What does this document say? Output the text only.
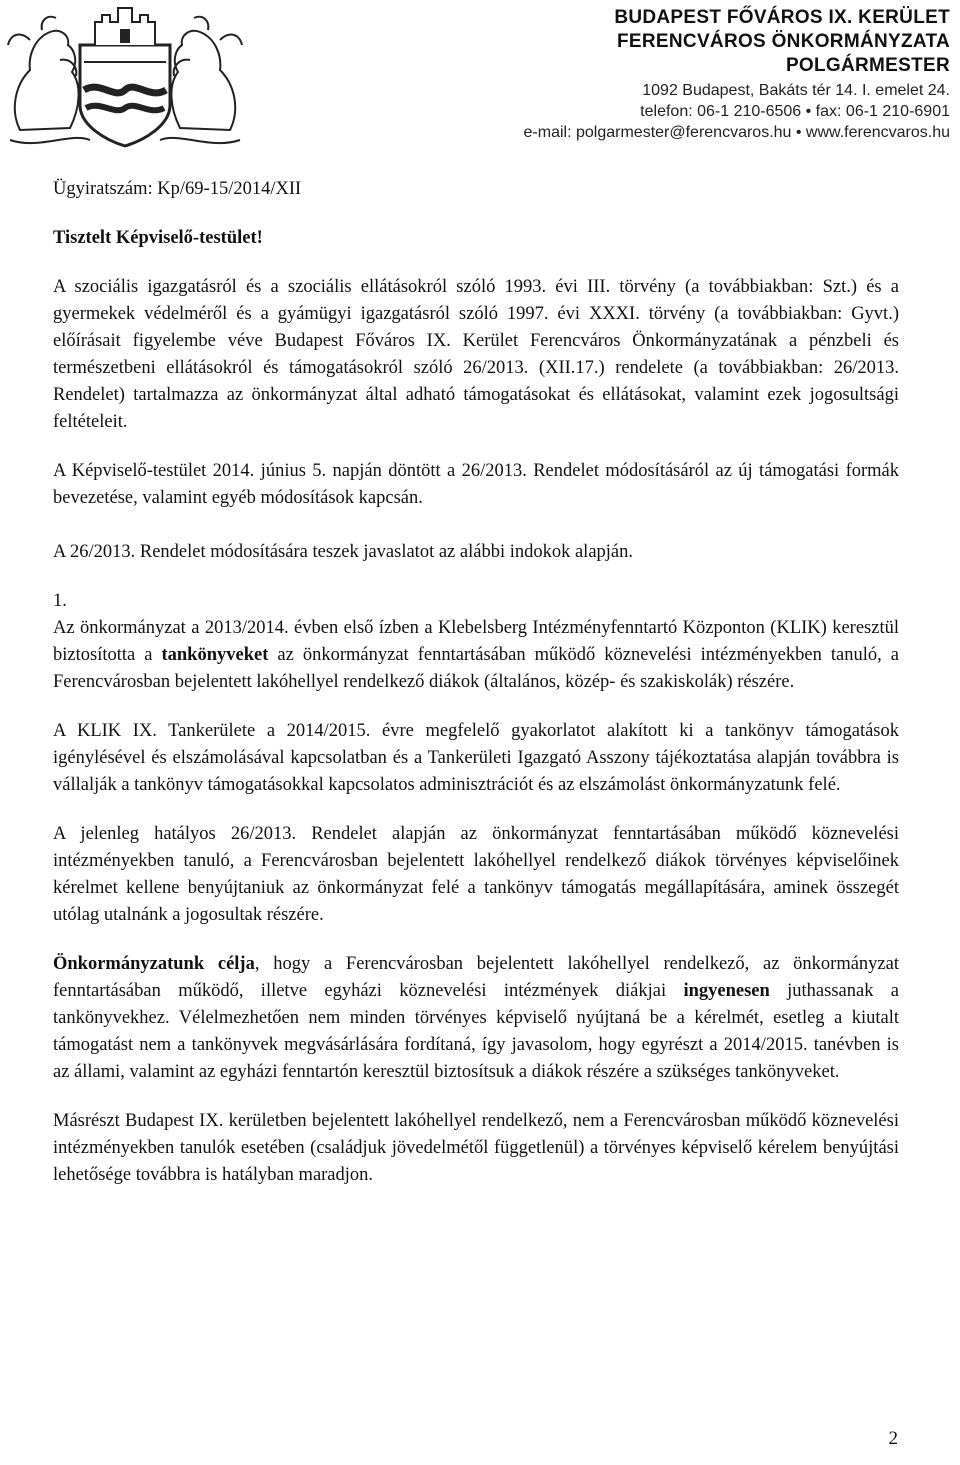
BUDAPEST FŐVÁROS IX. KERÜLET
FERENCVÁROS ÖNKORMÁNYZATA
POLGÁRMESTER
1092 Budapest, Bakáts tér 14. I. emelet 24.
telefon: 06-1 210-6506 • fax: 06-1 210-6901
e-mail: polgarmester@ferencvaros.hu • www.ferencvaros.hu

Ügyiratszám: Kp/69-15/2014/XII

Tisztelt Képviselő-testület!

A szociális igazgatásról és a szociális ellátásokról szóló 1993. évi III. törvény (a továbbiakban: Szt.) és a gyermekek védelméről és a gyámügyi igazgatásról szóló 1997. évi XXXI. törvény (a továbbiakban: Gyvt.) előírásait figyelembe véve Budapest Főváros IX. Kerület Ferencváros Önkormányzatának a pénzbeli és természetbeni ellátásokról és támogatásokról szóló 26/2013. (XII.17.) rendelete (a továbbiakban: 26/2013. Rendelet) tartalmazza az önkormányzat által adható támogatásokat és ellátásokat, valamint ezek jogosultsági feltételeit.

A Képviselő-testület 2014. június 5. napján döntött a 26/2013. Rendelet módosításáról az új támogatási formák bevezetése, valamint egyéb módosítások kapcsán.

A 26/2013. Rendelet módosítására teszek javaslatot az alábbi indokok alapján.

1.

Az önkormányzat a 2013/2014. évben első ízben a Klebelsberg Intézményfenntartó Központon (KLIK) keresztül biztosította a tankönyveket az önkormányzat fenntartásában működő köznevelési intézményekben tanuló, a Ferencvárosban bejelentett lakóhellyel rendelkező diákok (általános, közép- és szakiskolák) részére.

A KLIK IX. Tankerülete a 2014/2015. évre megfelelő gyakorlatot alakított ki a tankönyv támogatások igénylésével és elszámolásával kapcsolatban és a Tankerületi Igazgató Asszony tájékoztatása alapján továbbra is vállalják a tankönyv támogatásokkal kapcsolatos adminisztrációt és az elszámolást önkormányzatunk felé.

A jelenleg hatályos 26/2013. Rendelet alapján az önkormányzat fenntartásában működő köznevelési intézményekben tanuló, a Ferencvárosban bejelentett lakóhellyel rendelkező diákok törvényes képviselőinek kérelmet kellene benyújtaniuk az önkormányzat felé a tankönyv támogatás megállapítására, aminek összegét utólag utalnánk a jogosultak részére.

Önkormányzatunk célja, hogy a Ferencvárosban bejelentett lakóhellyel rendelkező, az önkormányzat fenntartásában működő, illetve egyházi köznevelési intézmények diákjai ingyenesen juthassanak a tankönyvekhez. Vélelmezhetően nem minden törvényes képviselő nyújtaná be a kérelmét, esetleg a kiutalt támogatást nem a tankönyvek megvásárlására fordítaná, így javasolom, hogy egyrészt a 2014/2015. tanévben is az állami, valamint az egyházi fenntartón keresztül biztosítsuk a diákok részére a szükséges tankönyveket.

Másrészt Budapest IX. kerületben bejelentett lakóhellyel rendelkező, nem a Ferencvárosban működő köznevelési intézményekben tanulók esetében (családjuk jövedelmétől függetlenül) a törvényes képviselő kérelem benyújtási lehetősége továbbra is hatályban maradjon.

2
